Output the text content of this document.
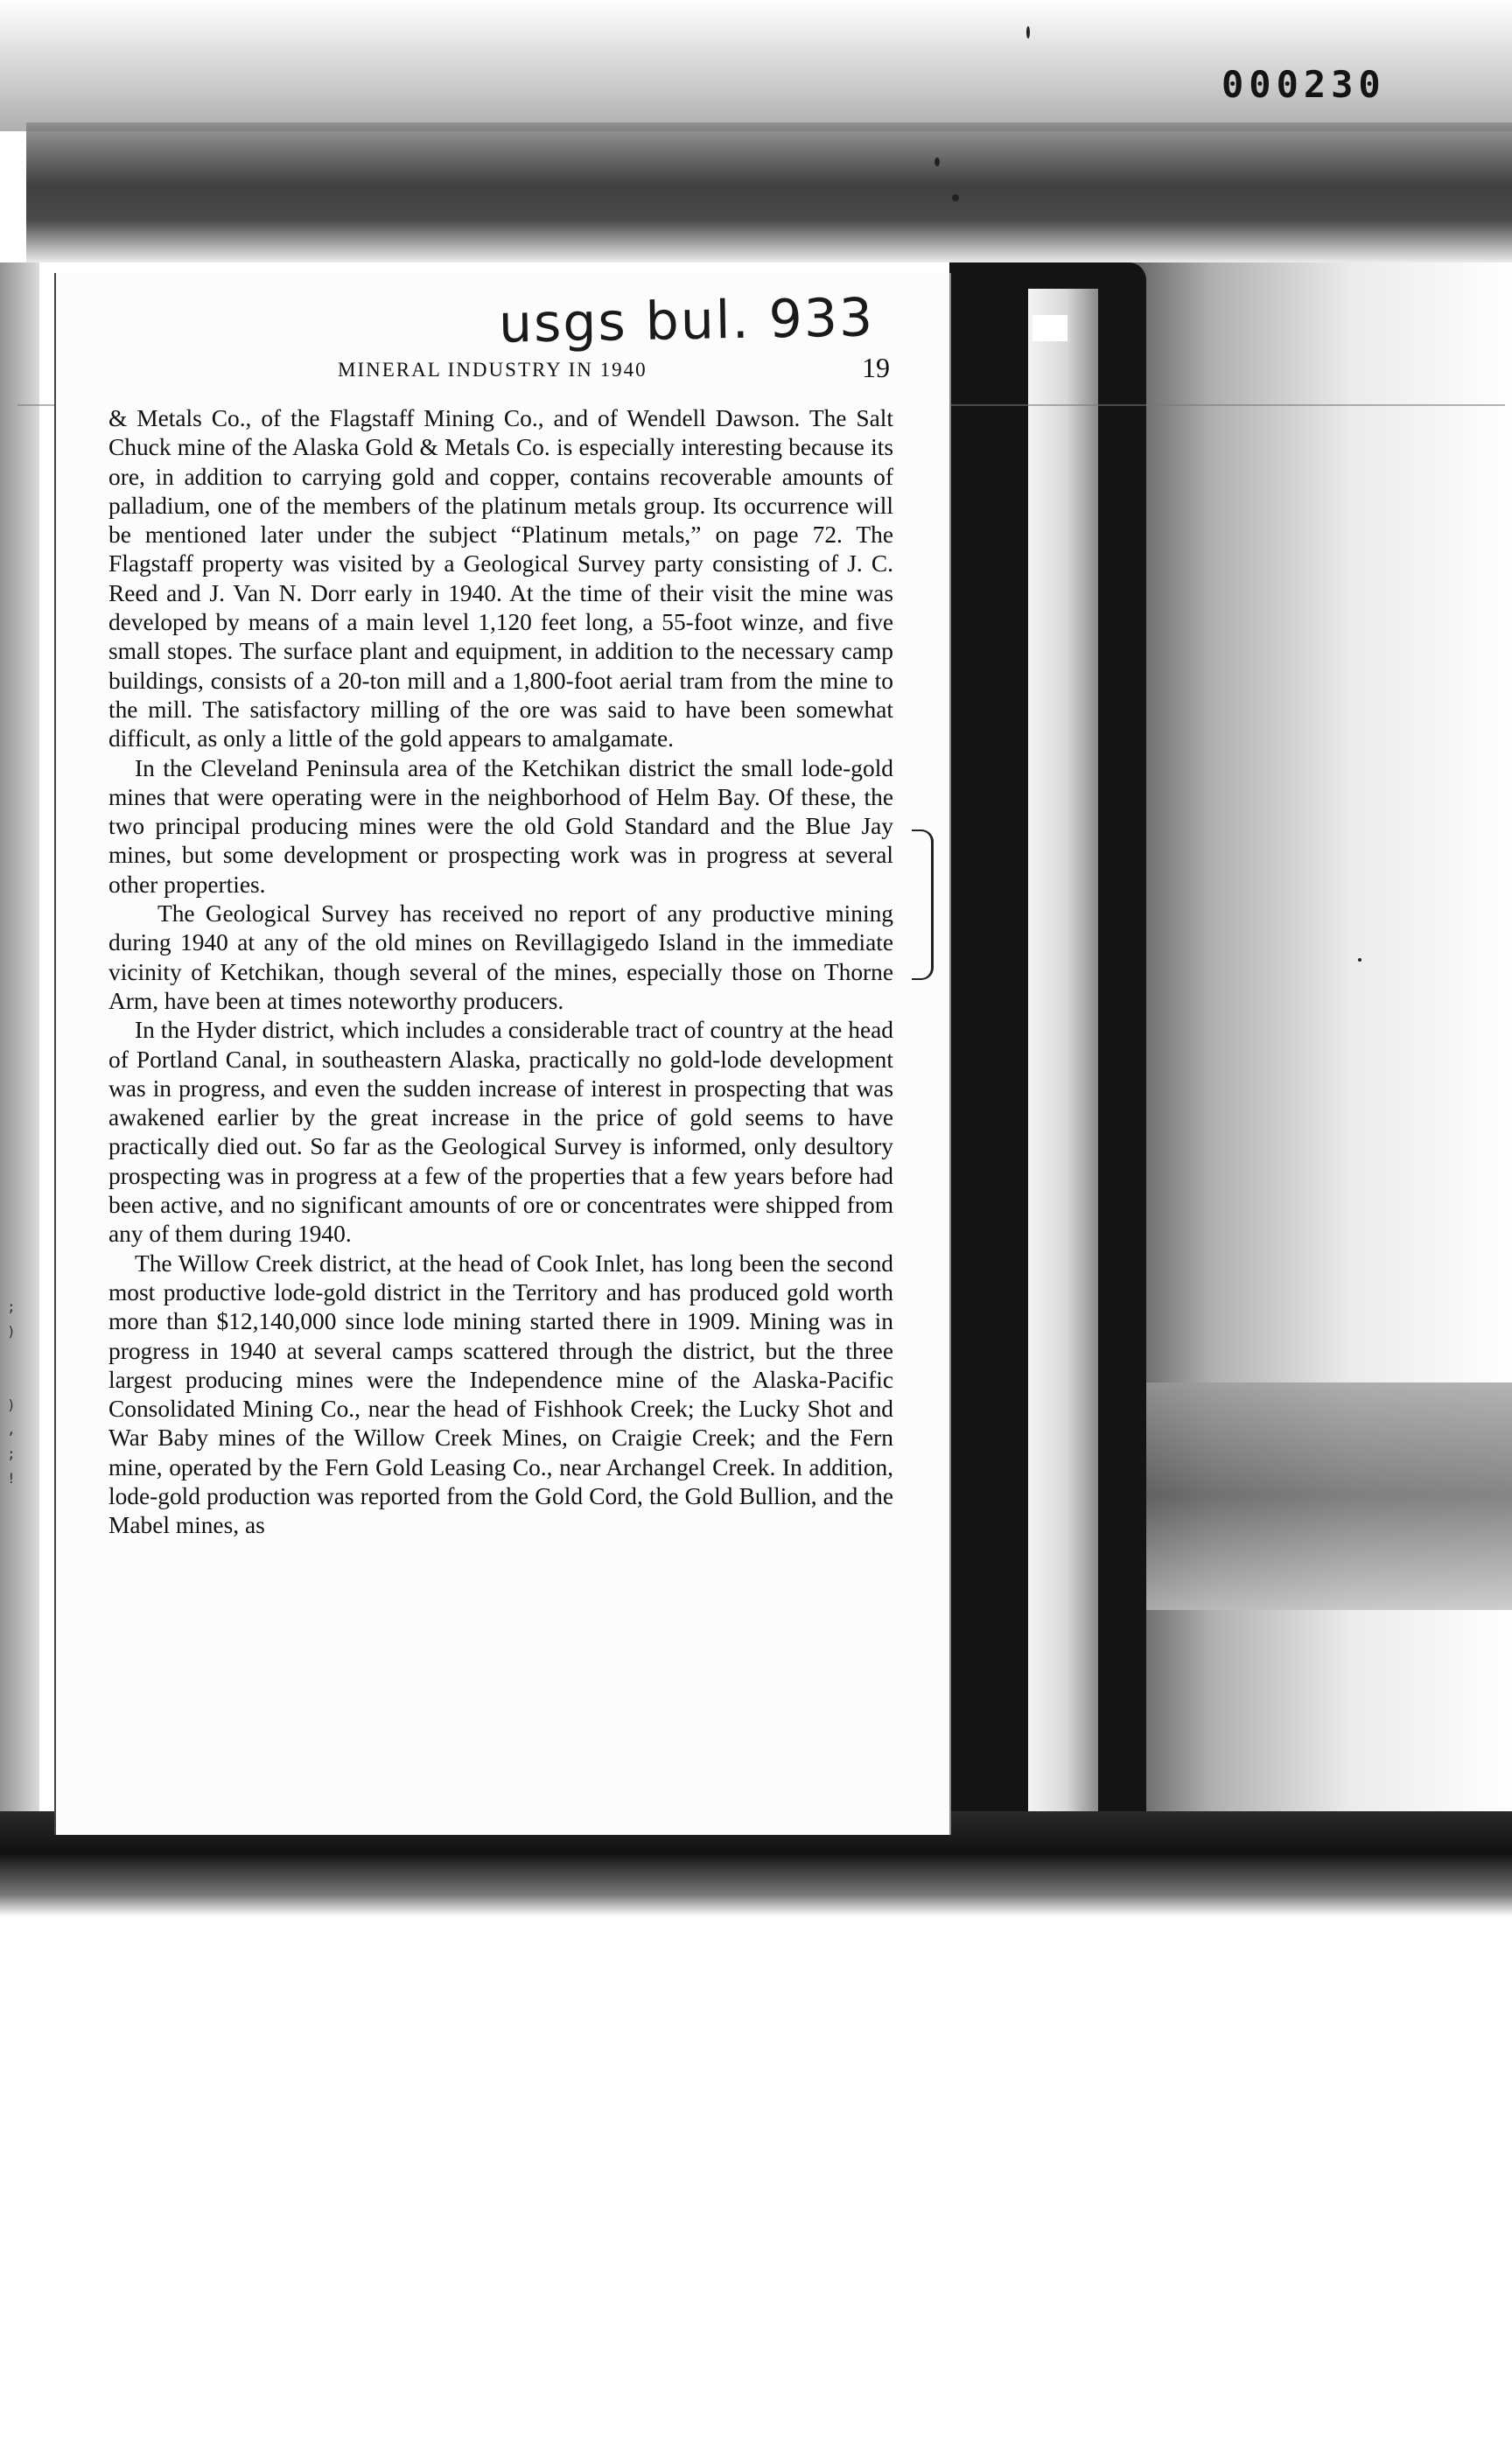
000230
usgs bul. 933
MINERAL INDUSTRY IN 1940	19

& Metals Co., of the Flagstaff Mining Co., and of Wendell Dawson. The Salt Chuck mine of the Alaska Gold & Metals Co. is especially interesting because its ore, in addition to carrying gold and copper, contains recoverable amounts of palladium, one of the members of the platinum metals group. Its occurrence will be mentioned later under the subject “Platinum metals,” on page 72. The Flagstaff property was visited by a Geological Survey party consisting of J. C. Reed and J. Van N. Dorr early in 1940. At the time of their visit the mine was developed by means of a main level 1,120 feet long, a 55-foot winze, and five small stopes. The surface plant and equipment, in addition to the necessary camp buildings, consists of a 20-ton mill and a 1,800-foot aerial tram from the mine to the mill. The satisfactory milling of the ore was said to have been somewhat difficult, as only a little of the gold appears to amalgamate.

In the Cleveland Peninsula area of the Ketchikan district the small lode-gold mines that were operating were in the neighborhood of Helm Bay. Of these, the two principal producing mines were the old Gold Standard and the Blue Jay mines, but some development or prospecting work was in progress at several other properties.

The Geological Survey has received no report of any productive mining during 1940 at any of the old mines on Revillagigedo Island in the immediate vicinity of Ketchikan, though several of the mines, especially those on Thorne Arm, have been at times noteworthy producers.

In the Hyder district, which includes a considerable tract of country at the head of Portland Canal, in southeastern Alaska, practically no gold-lode development was in progress, and even the sudden increase of interest in prospecting that was awakened earlier by the great increase in the price of gold seems to have practically died out. So far as the Geological Survey is informed, only desultory prospecting was in progress at a few of the properties that a few years before had been active, and no significant amounts of ore or concentrates were shipped from any of them during 1940.

The Willow Creek district, at the head of Cook Inlet, has long been the second most productive lode-gold district in the Territory and has produced gold worth more than $12,140,000 since lode mining started there in 1909. Mining was in progress in 1940 at several camps scattered through the district, but the three largest producing mines were the Independence mine of the Alaska-Pacific Consolidated Mining Co., near the head of Fishhook Creek; the Lucky Shot and War Baby mines of the Willow Creek Mines, on Craigie Creek; and the Fern mine, operated by the Fern Gold Leasing Co., near Archangel Creek. In addition, lode-gold production was reported from the Gold Cord, the Gold Bullion, and the Mabel mines, as

;
)

)
,
;
!
